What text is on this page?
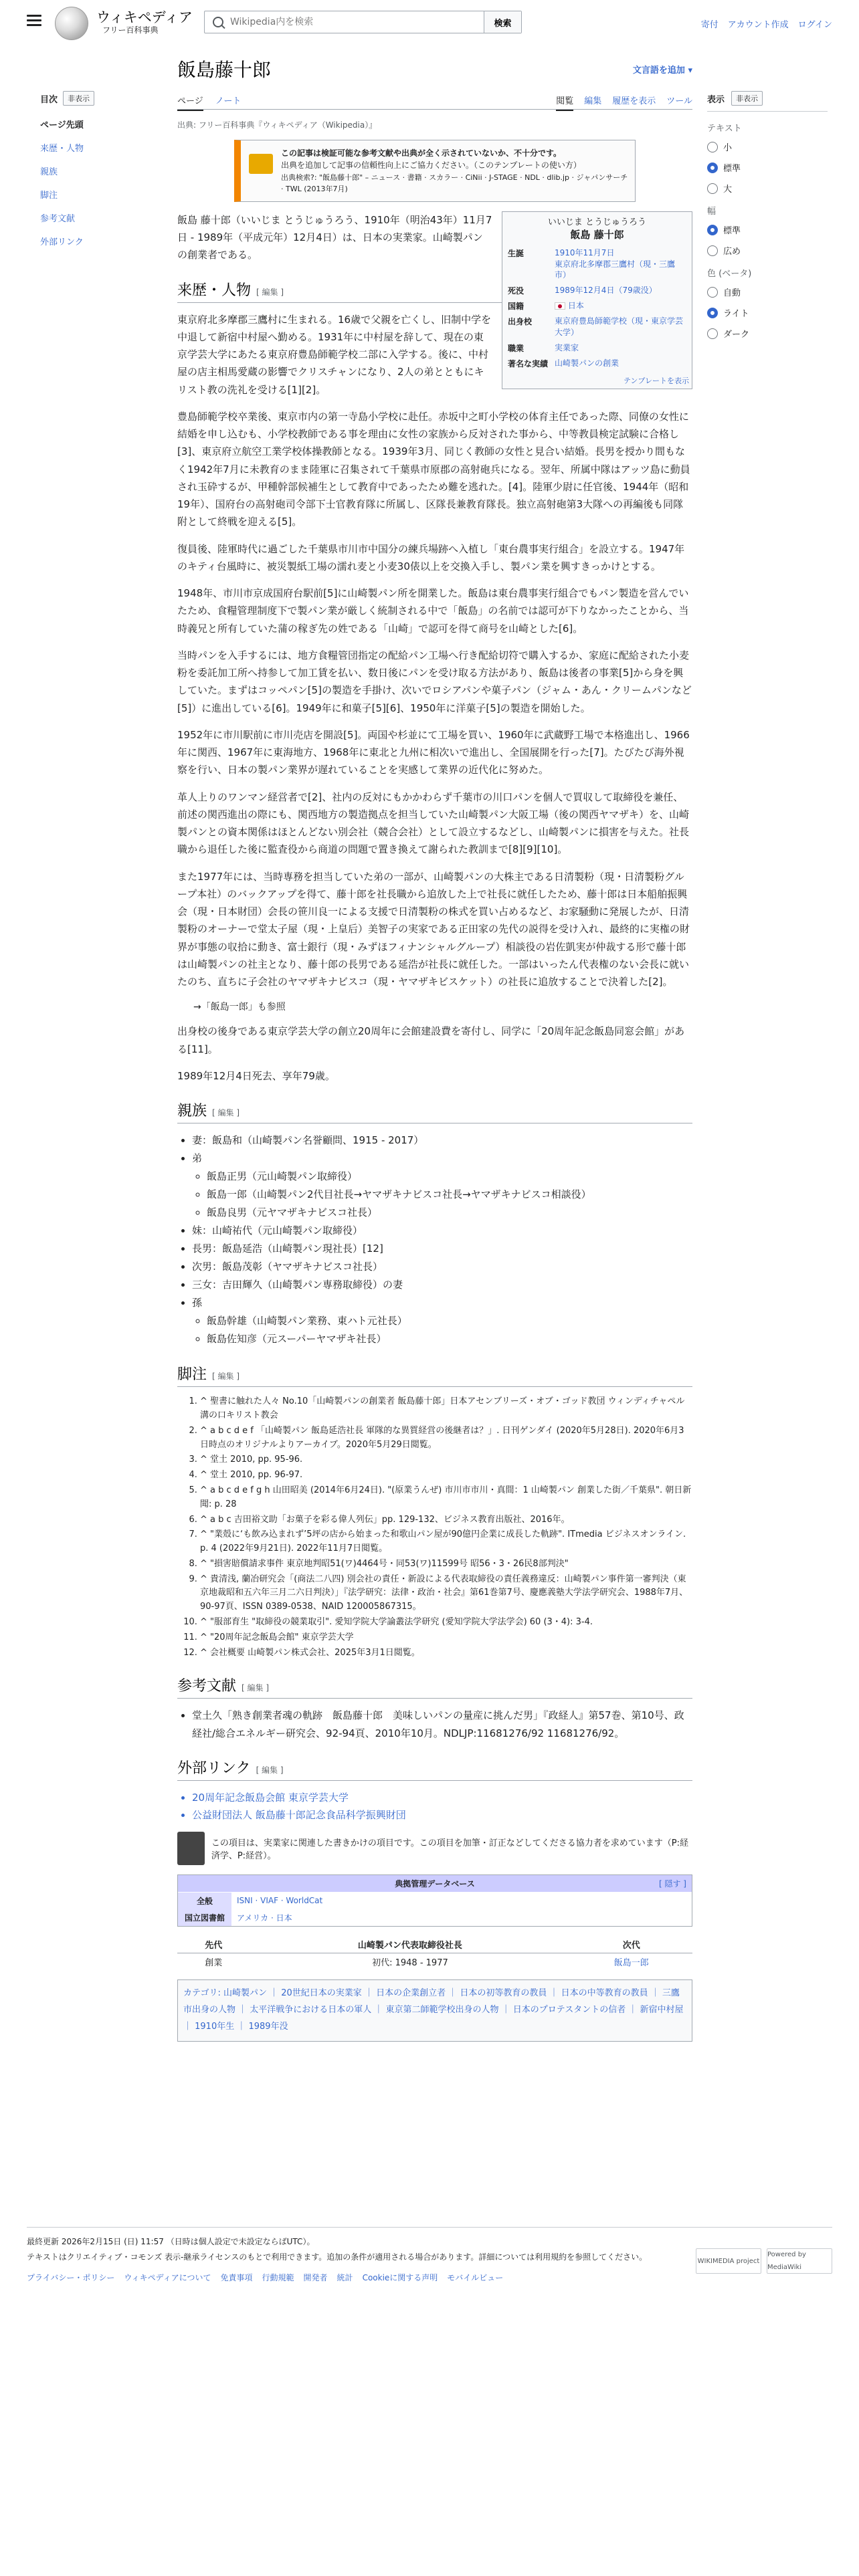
ウィキペディア
フリー百科事典
Wikipedia内を検索
検索	寄付 アカウント作成 ログイン
目次	非表示
ページ先頭
来歴・人物
親族
脚注
参考文献
外部リンク
表示	非表示
テキスト
小
標準
大
幅
標準
広め
色 (ベータ)
自動
ライト
ダーク
飯島藤十郎	文言語を追加 ▾
ページ ノート	閲覧 編集 履歴を表示 ツール
出典: フリー百科事典『ウィキペディア（Wikipedia）』
この記事は検証可能な参考文献や出典が全く示されていないか、不十分です。
出典を追加して記事の信頼性向上にご協力ください。（このテンプレートの使い方）
出典検索?: "飯島藤十郎" – ニュース · 書籍 · スカラー · CiNii · J-STAGE · NDL · dlib.jp · ジャパンサーチ · TWL (2013年7月)
いいじま とうじゅうろう
飯島 藤十郎
生誕	1910年11月7日
東京府北多摩郡三鷹村（現・三鷹市）
死没	1989年12月4日（79歳没）
国籍	日本
出身校	東京府豊島師範学校（現・東京学芸大学）
職業	実業家
著名な実績	山崎製パンの創業
テンプレートを表示

飯島 藤十郎（いいじま とうじゅうろう、1910年（明治43年）11月7日 - 1989年（平成元年）12月4日）は、日本の実業家。山崎製パンの創業者である。

来歴・人物 [ 編集 ]

東京府北多摩郡三鷹村に生まれる。16歳で父親を亡くし、旧制中学を中退して新宿中村屋へ勤める。1931年に中村屋を辞して、現在の東京学芸大学にあたる東京府豊島師範学校二部に入学する。後に、中村屋の店主相馬愛蔵の影響でクリスチャンになり、2人の弟とともにキリスト教の洗礼を受ける[1][2]。

豊島師範学校卒業後、東京市内の第一寺島小学校に赴任。赤坂中之町小学校の体育主任であった際、同僚の女性に結婚を申し込むも、小学校教師である事を理由に女性の家族から反対された事から、中等教員検定試験に合格し[3]、東京府立航空工業学校体操教師となる。1939年3月、同じく教師の女性と見合い結婚。長男を授かり間もなく1942年7月に未教育のまま陸軍に召集されて千葉県市原郡の高射砲兵になる。翌年、所属中隊はアッツ島に動員され玉砕するが、甲種幹部候補生として教育中であったため難を逃れた。[4]。陸軍少尉に任官後、1944年（昭和19年）、国府台の高射砲司令部下士官教育隊に所属し、区隊長兼教育隊長。独立高射砲第3大隊への再編後も同隊附として終戦を迎える[5]。

復員後、陸軍時代に過ごした千葉県市川市中国分の練兵場跡へ入植し「東台農事実行組合」を設立する。1947年のキティ台風時に、被災製紙工場の濡れ麦と小麦30俵以上を交換入手し、製パン業を興すきっかけとする。

1948年、市川市京成国府台駅前[5]に山崎製パン所を開業した。飯島は東台農事実行組合でもパン製造を営んでいたため、食糧管理制度下で製パン業が厳しく統制される中で「飯島」の名前では認可が下りなかったことから、当時義兄と所有していた蒲の稼ぎ先の姓である「山崎」で認可を得て商号を山崎とした[6]。

当時パンを入手するには、地方食糧管団指定の配給パン工場へ行き配給切符で購入するか、家庭に配給された小麦粉を委託加工所へ持参して加工賃を払い、数日後にパンを受け取る方法があり、飯島は後者の事業[5]から身を興していた。まずはコッペパン[5]の製造を手掛け、次いでロシアパンや菓子パン（ジャム・あん・クリームパンなど[5]）に進出している[6]。1949年に和菓子[5][6]、1950年に洋菓子[5]の製造を開始した。

1952年に市川駅前に市川売店を開設[5]。両国や杉並にて工場を買い、1960年に武蔵野工場で本格進出し、1966年に関西、1967年に東海地方、1968年に東北と九州に相次いで進出し、全国展開を行った[7]。たびたび海外視察を行い、日本の製パン業界が遅れていることを実感して業界の近代化に努めた。

革人上りのワンマン経営者で[2]、社内の反対にもかかわらず千葉市の川口パンを個人で買収して取締役を兼任、前述の関西進出の際にも、関西地方の製造拠点を担当していた山崎製パン大阪工場（後の関西ヤマザキ）を、山崎製パンとの資本関係はほとんどない別会社（競合会社）として設立するなどし、山崎製パンに損害を与えた。社長職から退任した後に監査役から商道の問題で置き換えて謝られた教訓まで[8][9][10]。

また1977年には、当時専務を担当していた弟の一部が、山崎製パンの大株主である日清製粉（現・日清製粉グループ本社）のバックアップを得て、藤十郎を社長職から追放した上で社長に就任したため、藤十郎は日本船舶振興会（現・日本財団）会長の笹川良一による支援で日清製粉の株式を買い占めるなど、お家騒動に発展したが、日清製粉のオーナーで堂太子屋（現・上皇后）美智子の実家である正田家の先代の説得を受け入れ、最終的に実権の財界が事態の収拾に動き、富士銀行（現・みずほフィナンシャルグループ）相談役の岩佐凱実が仲裁する形で藤十郎は山崎製パンの社主となり、藤十郎の長男である延浩が社長に就任した。一部はいったん代表権のない会長に就いたのち、直ちに子会社のヤマザキナビスコ（現・ヤマザキビスケット）の社長に追放することで決着した[2]。

→「飯島一郎」も参照

出身校の後身である東京学芸大学の創立20周年に会館建設費を寄付し、同学に「20周年記念飯島同窓会館」がある[11]。

1989年12月4日死去、享年79歳。

親族 [ 編集 ]
• 妻：飯島和（山崎製パン名誉顧問、1915 - 2017）
• 弟
◦ 飯島正男（元山崎製パン取締役）
◦ 飯島一郎（山崎製パン2代目社長→ヤマザキナビスコ社長→ヤマザキナビスコ相談役）
◦ 飯島良男（元ヤマザキナビスコ社長）
• 妹：山崎祐代（元山崎製パン取締役）
• 長男：飯島延浩（山崎製パン現社長）[12]
• 次男：飯島茂彰（ヤマザキナビスコ社長）
• 三女：吉田輝久（山崎製パン専務取締役）の妻
• 孫
◦ 飯島幹雄（山崎製パン業務、東ハト元社長）
◦ 飯島佐知彦（元スーパーヤマザキ社長）
脚注 [ 編集 ]
1. ^ 聖書に触れた人々 No.10「山崎製パンの創業者 飯島藤十郎」日本アセンブリーズ・オブ・ゴッド教団 ウィンディチャペル 溝の口キリスト教会
2. ^ a b c d e f 「山崎製パン 飯島延浩社長 軍隊的な異質経営の後継者は？」. 日刊ゲンダイ (2020年5月28日). 2020年6月3日時点のオリジナルよりアーカイブ。2020年5月29日閲覧。
3. ^ 堂土 2010, pp. 95-96.
4. ^ 堂土 2010, pp. 96-97.
5. ^ a b c d e f g h 山田昭美 (2014年6月24日). "(原業うんぜ) 市川市市川・真間：1 山崎製パン 創業した街／千葉県". 朝日新聞: p. 28
6. ^ a b c 吉田裕文助「お菓子を彩る偉人列伝」pp. 129-132、ビジネス教育出版社、2016年。
7. ^ "業殻に‘も飲み込まれず’5坪の店から始まった和歌山パン屋が90億円企業に成長した軌跡". ITmedia ビジネスオンライン. p. 4 (2022年9月21日). 2022年11月7日閲覧。
8. ^ "損害賠償請求事件 東京地判昭51(ワ)4464号・同53(ワ)11599号 昭56・3・26民8部判決"
9. ^ 貴清浅, 蘭冶研究会「(商法二八四) 別会社の責任・新設による代表取締役の責任義務違反：山崎製パン事件第一審判決（東京地裁昭和五六年三月二六日判決）」『法学研究：法律・政治・社会』第61巻第7号、慶應義塾大学法学研究会、1988年7月、90-97頁、ISSN 0389-0538、NAID 120005867315。
10. ^ "服部育生 "取締役の競業取引". 愛知学院大学論叢法学研究 (愛知学院大学法学会) 60 (3・4): 3-4.
11. ^ "20周年記念飯島会館" 東京学芸大学
12. ^ 会社概要 山崎製パン株式会社、2025年3月1日閲覧。
参考文献 [ 編集 ]
• 堂土久「熟き創業者魂の軌跡　飯島藤十郎　美味しいパンの量産に挑んだ男」『政経人』第57巻、第10号、政経社/総合エネルギー研究会、92-94頁、2010年10月。NDLJP:11681276/92 11681276/92。
外部リンク [ 編集 ]
• 20周年記念飯島会館 東京学芸大学
• 公益財団法人 飯島藤十郎記念食品科学振興財団
この項目は、実業家に関連した書きかけの項目です。この項目を加筆・訂正などしてくださる協力者を求めています（P:経済学、P:経営）。
典拠管理データベース	[ 隠す ]
全般	ISNI · VIAF · WorldCat
国立図書館	アメリカ · 日本
先代	山崎製パン代表取締役社長	次代
創業	初代: 1948 - 1977	飯島一郎
カテゴリ: 山崎製パン ｜ 20世紀日本の実業家 ｜ 日本の企業創立者 ｜ 日本の初等教育の教員 ｜ 日本の中等教育の教員 ｜ 三鷹市出身の人物 ｜ 太平洋戦争における日本の軍人 ｜ 東京第二師範学校出身の人物 ｜ 日本のプロテスタントの信者 ｜ 新宿中村屋 ｜ 1910年生 ｜ 1989年没
最終更新 2026年2月15日 (日) 11:57 （日時は個人設定で未設定ならばUTC）。
テキストはクリエイティブ・コモンズ 表示-継承ライセンスのもとで利用できます。追加の条件が適用される場合があります。詳細については利用規約を参照してください。
プライバシー・ポリシー ウィキペディアについて 免責事項 行動規範 開発者 統計 Cookieに関する声明 モバイルビュー
WIKIMEDIA project
Powered by MediaWiki
